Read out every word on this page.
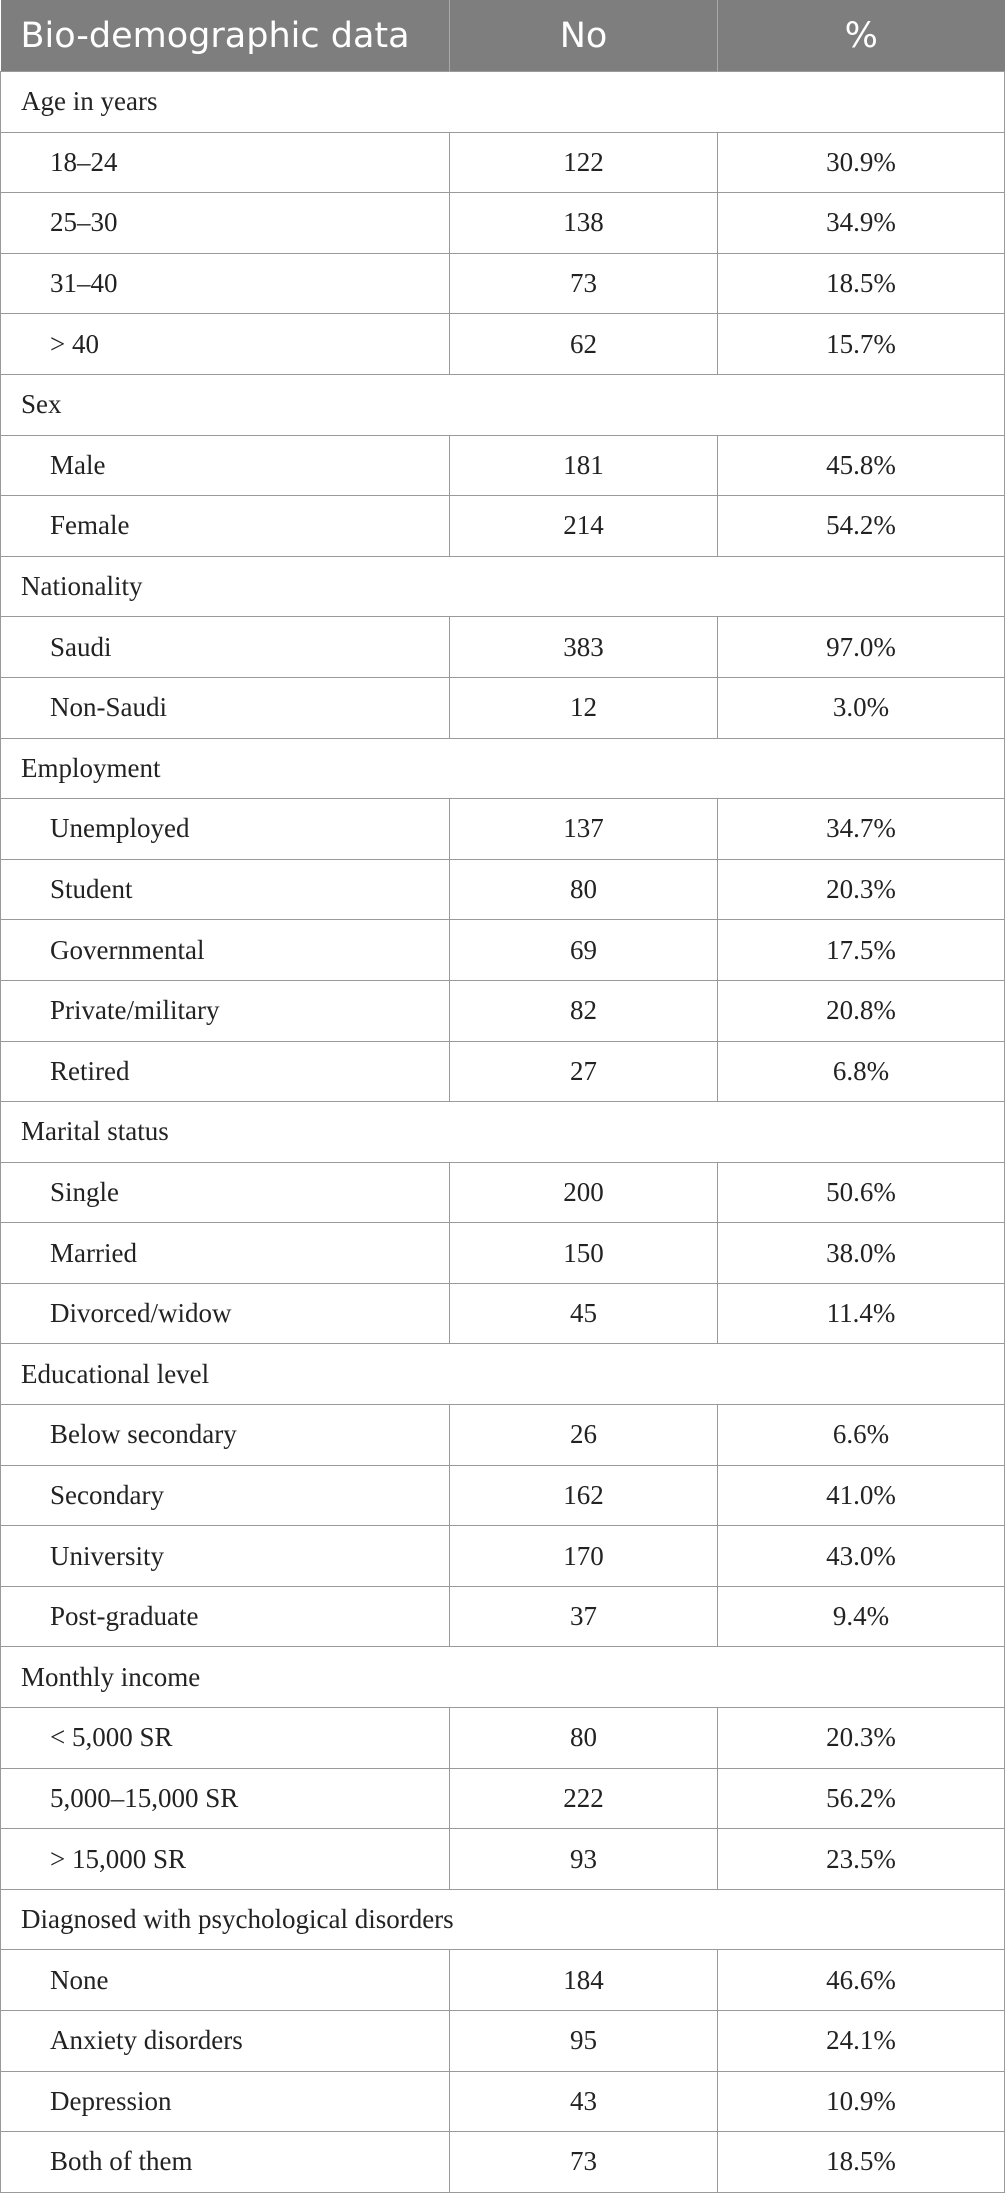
Bio-demographic data	No	%
Age in years		
18–24	122	30.9%
25–30	138	34.9%
31–40	73	18.5%
> 40	62	15.7%
Sex		
Male	181	45.8%
Female	214	54.2%
Nationality		
Saudi	383	97.0%
Non-Saudi	12	3.0%
Employment		
Unemployed	137	34.7%
Student	80	20.3%
Governmental	69	17.5%
Private/military	82	20.8%
Retired	27	6.8%
Marital status		
Single	200	50.6%
Married	150	38.0%
Divorced/widow	45	11.4%
Educational level		
Below secondary	26	6.6%
Secondary	162	41.0%
University	170	43.0%
Post-graduate	37	9.4%
Monthly income		
< 5,000 SR	80	20.3%
5,000–15,000 SR	222	56.2%
> 15,000 SR	93	23.5%
Diagnosed with psychological disorders		
None	184	46.6%
Anxiety disorders	95	24.1%
Depression	43	10.9%
Both of them	73	18.5%
